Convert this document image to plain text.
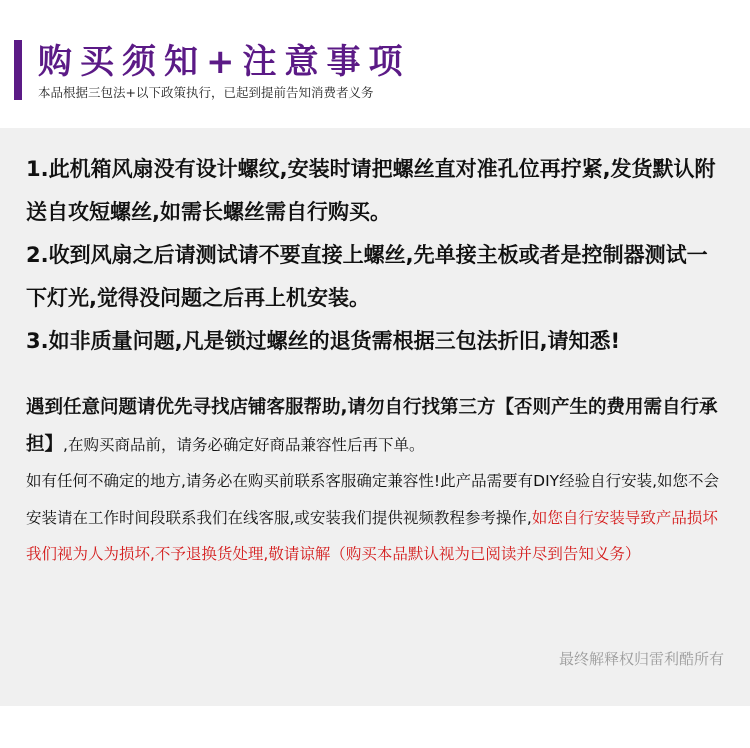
购买须知+注意事项
本品根据三包法+以下政策执行，已起到提前告知消费者义务

1.此机箱风扇没有设计螺纹,安装时请把螺丝直对准孔位再拧紧,发货默认附送自攻短螺丝,如需长螺丝需自行购买。

2.收到风扇之后请测试请不要直接上螺丝,先单接主板或者是控制器测试一下灯光,觉得没问题之后再上机安装。

3.如非质量问题,凡是锁过螺丝的退货需根据三包法折旧,请知悉!

遇到任意问题请优先寻找店铺客服帮助,请勿自行找第三方【否则产生的费用需自行承担】,在购买商品前，请务必确定好商品兼容性后再下单。

如有任何不确定的地方,请务必在购买前联系客服确定兼容性!此产品需要有DIY经验自行安装,如您不会安装请在工作时间段联系我们在线客服,或安装我们提供视频教程参考操作,如您自行安装导致产品损坏我们视为人为损坏,不予退换货处理,敬请谅解（购买本品默认视为已阅读并尽到告知义务）

最终解释权归雷利酷所有
